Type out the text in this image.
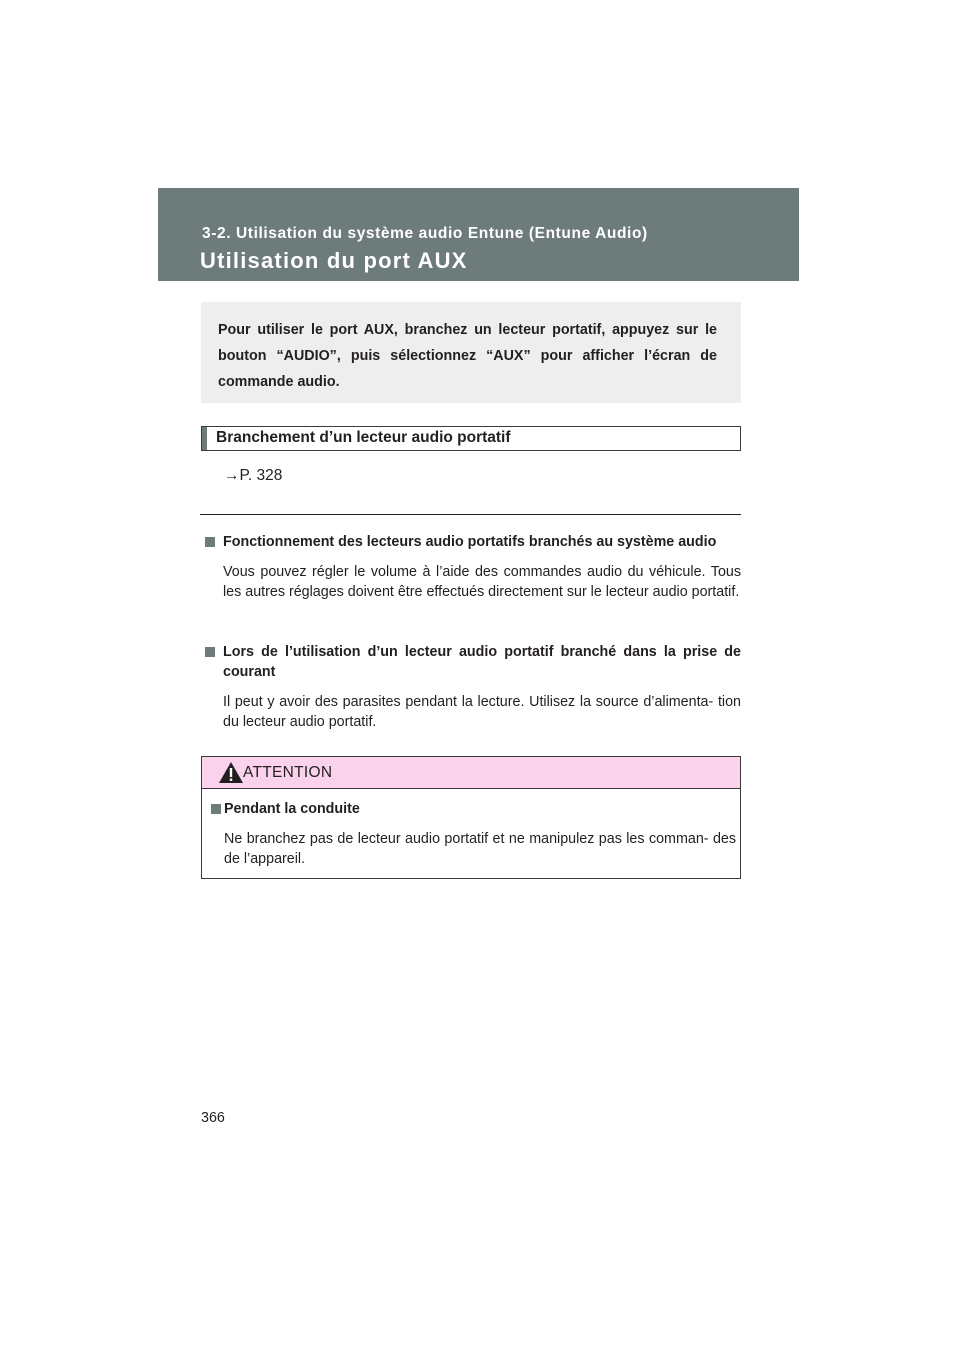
3-2. Utilisation du système audio Entune (Entune Audio)
Utilisation du port AUX

Pour utiliser le port AUX, branchez un lecteur portatif, appuyez sur le bouton “AUDIO”, puis sélectionnez “AUX” pour afficher l’écran de commande audio.

Branchement d’un lecteur audio portatif
→P. 328
Fonctionnement des lecteurs audio portatifs branchés au système audio
Vous pouvez régler le volume à l’aide des commandes audio du véhicule. Tous les autres réglages doivent être effectués directement sur le lecteur audio portatif.
Lors de l’utilisation d’un lecteur audio portatif branché dans la prise de courant
Il peut y avoir des parasites pendant la lecture. Utilisez la source d’alimenta- tion du lecteur audio portatif.
ATTENTION
Pendant la conduite
Ne branchez pas de lecteur audio portatif et ne manipulez pas les comman- des de l’appareil.
366
